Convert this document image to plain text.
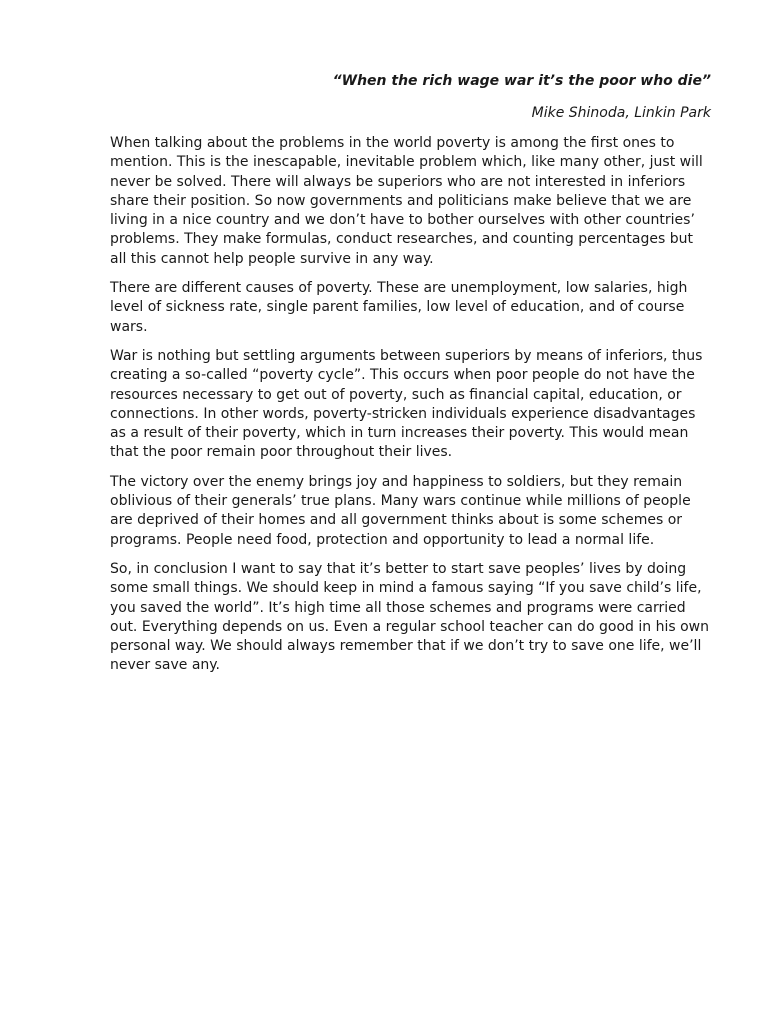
“When the rich wage war it’s the poor who die”

Mike Shinoda, Linkin Park

When talking about the problems in the world poverty is among the first ones to mention. This is the inescapable, inevitable problem which, like many other, just will never be solved. There will always be superiors who are not interested in inferiors share their position. So now governments and politicians make believe that we are living in a nice country and we don’t have to bother ourselves with other countries’ problems. They make formulas, conduct researches, and counting percentages but all this cannot help people survive in any way.

There are different causes of poverty. These are unemployment, low salaries, high level of sickness rate, single parent families, low level of education, and of course wars.

War is nothing but settling arguments between superiors by means of inferiors, thus creating a so-called “poverty cycle”. This occurs when poor people do not have the resources necessary to get out of poverty, such as financial capital, education, or connections. In other words, poverty-stricken individuals experience disadvantages as a result of their poverty, which in turn increases their poverty. This would mean that the poor remain poor throughout their lives.

The victory over the enemy brings joy and happiness to soldiers, but they remain oblivious of their generals’ true plans. Many wars continue while millions of people are deprived of their homes and all government thinks about is some schemes or programs. People need food, protection and opportunity to lead a normal life.

So, in conclusion I want to say that it’s better to start save peoples’ lives by doing some small things. We should keep in mind a famous saying “If you save child’s life, you saved the world”. It’s high time all those schemes and programs were carried out. Everything depends on us. Even a regular school teacher can do good in his own personal way. We should always remember that if we don’t try to save one life, we’ll never save any.
